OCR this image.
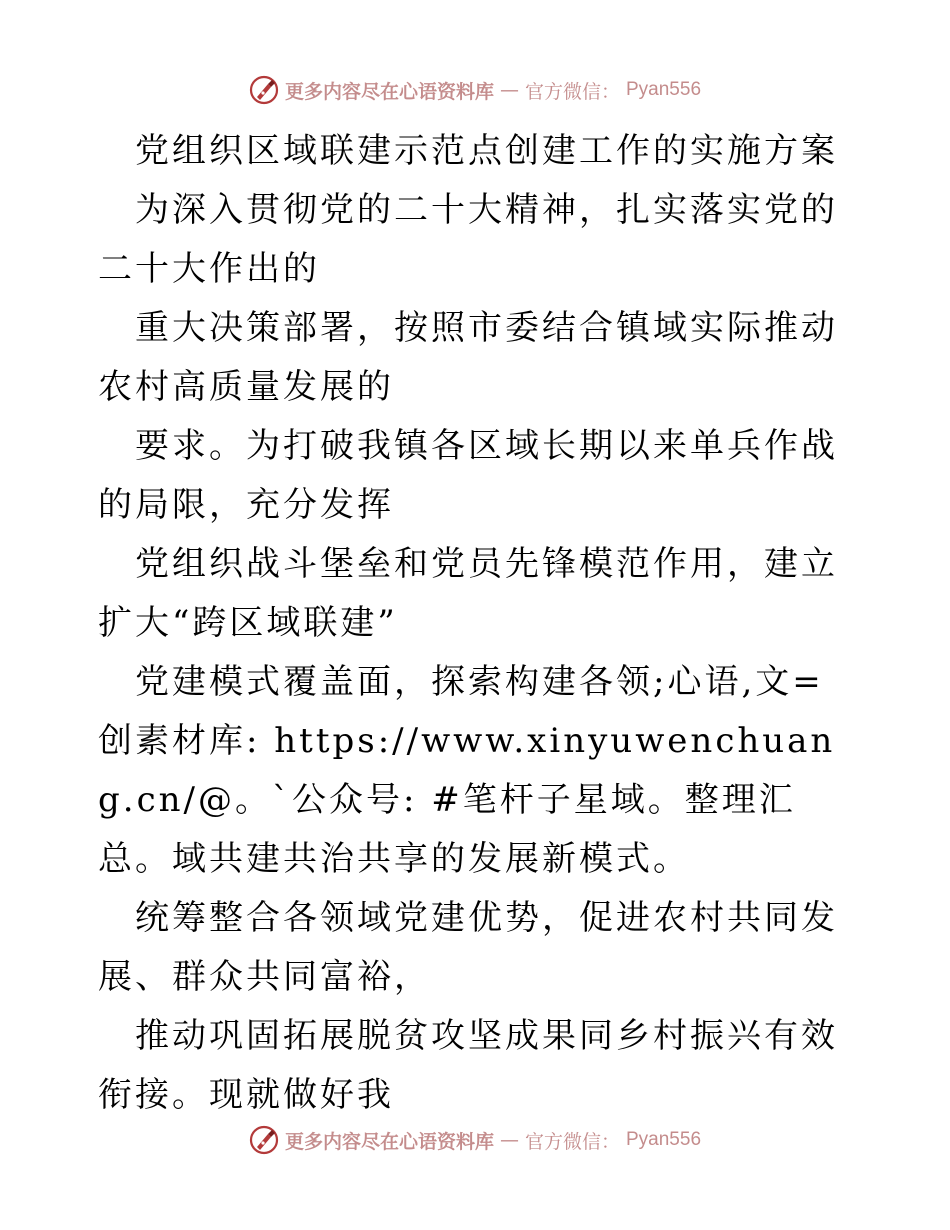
更多内容尽在心语资料库 — 官方微信： Pyan556

党组织区域联建示范点创建工作的实施方案

为深入贯彻党的二十大精神，扎实落实党的二十大作出的

重大决策部署，按照市委结合镇域实际推动农村高质量发展的

要求。为打破我镇各区域长期以来单兵作战的局限，充分发挥

党组织战斗堡垒和党员先锋模范作用，建立扩大“跨区域联建”

党建模式覆盖面，探索构建各领;心语,文=创素材库: https://www.xinyuwenchuang.cn/@。`公众号: #笔杆子星域。整理汇总。域共建共治共享的发展新模式。

统筹整合各领域党建优势，促进农村共同发展、群众共同富裕，

推动巩固拓展脱贫攻坚成果同乡村振兴有效衔接。现就做好我

更多内容尽在心语资料库 — 官方微信： Pyan556
